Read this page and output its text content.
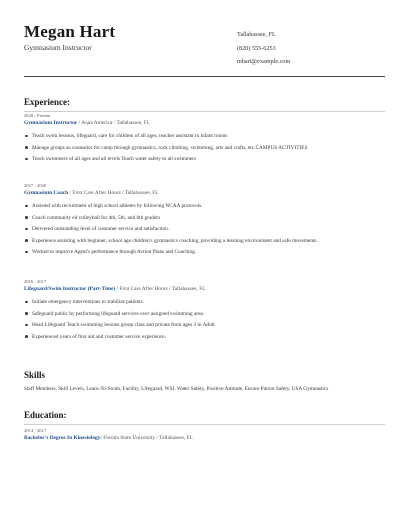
Megan Hart
Gymnasium Instructor
Tallahassee, FL
(820) 555-6253
mhart@example.com
Experience:
2020 - Present
Gymnasium Instructor / Aqua America / Tallahassee, FL
Teach swim lessons, lifeguard, care for children of all ages, teacher assistant in infant rooms
Manage groups as counselor for camp through gymnastics, rock climbing, swimming, arts and crafts, etc.CAMPUS ACTIVITIES
Teach swimmers of all ages and all levels Teach water safety to all swimmers
2017 - 2020
Gymnasium Coach / First Care After Hours / Tallahassee, FL
Assisted with recruitment of high school athletes by following NCAA protocols.
Coach community ed volleyball for 4th, 5th, and 6th graders
Delivered outstanding level of customer service and satisfaction.
Experience assisting with beginner, school age children's gymnastics coaching, providing a learning environment and safe movements.
Worked to improve Agent's performance through Action Plans and Coaching.
2016 - 2017
Lifeguard/Swim Instructor (Part-Time) / First Care After Hours / Tallahassee, FL
Initiate emergency interventions to stabilize patients.
Safeguard public by performing lifeguard services over assigned swimming area.
Head Lifeguard Teach swimming lessons group class and private from ages 3 to Adult
Experienced years of first aid and customer service experience.
Skills
Staff Members, Skill Levels, Learn-To-Swim, Facility, Lifeguard, WSI, Water Safety, Positive Attitude, Ensure Patron Safety, USA Gymnastics
Education:
2014 - 2017
Bachelor's Degree In Kinesiology/ Florida State University / Tallahassee, FL
